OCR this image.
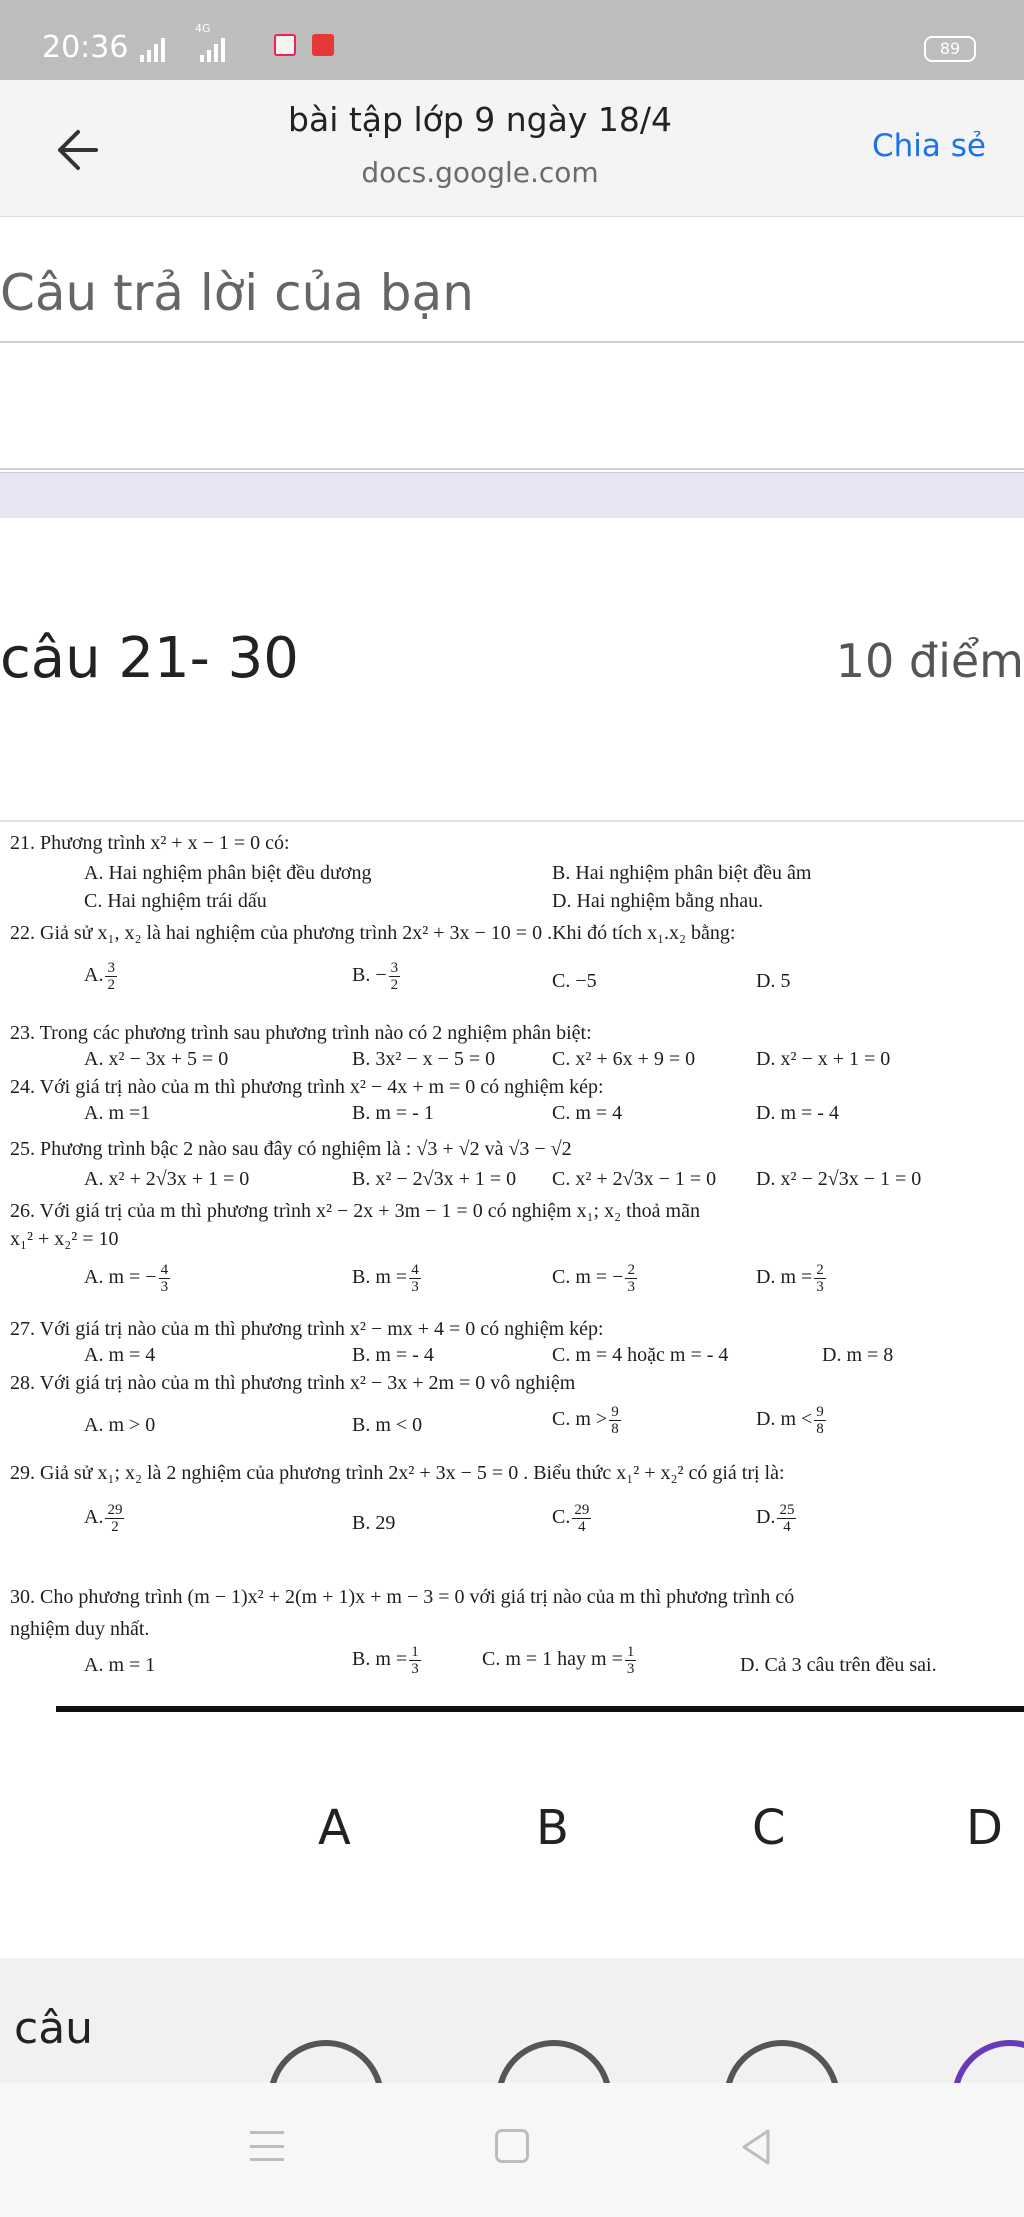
20:36
4G
89
bài tập lớp 9 ngày 18/4
docs.google.com
Chia sẻ
Câu trả lời của bạn
câu 21- 30	10 điểm
21. Phương trình x² + x − 1 = 0 có:
A. Hai nghiệm phân biệt đều dương	B. Hai nghiệm phân biệt đều âm
C. Hai nghiệm trái dấu	D. Hai nghiệm bằng nhau.
22. Giả sử x₁, x₂ là hai nghiệm của phương trình 2x² + 3x − 10 = 0 .Khi đó tích x₁.x₂ bằng:
A. $\frac{3}{2}$	B. − $\frac{3}{2}$	C. −5	D. 5
23. Trong các phương trình sau phương trình nào có 2 nghiệm phân biệt:
A. x² − 3x + 5 = 0	B. 3x² − x − 5 = 0	C. x² + 6x + 9 = 0	D. x² − x + 1 = 0
24. Với giá trị nào của m thì phương trình x² − 4x + m = 0 có nghiệm kép:
A. m =1	B. m = - 1	C. m = 4	D. m = - 4
25. Phương trình bậc 2 nào sau đây có nghiệm là : √3 + √2 và √3 − √2
A. x² + 2√3x + 1 = 0	B. x² − 2√3x + 1 = 0 C. x² + 2√3x − 1 = 0 D. x² − 2√3x − 1 = 0
26. Với giá trị của m thì phương trình x² − 2x + 3m − 1 = 0 có nghiệm x₁; x₂ thoả mãn
x₁² + x₂² = 10
A. m = − $\frac{4}{3}$	B. $m = \frac{4}{3}$	C. m = − $\frac{2}{3}$	D. $m = \frac{2}{3}$
27. Với giá trị nào của m thì phương trình x² − mx + 4 = 0 có nghiệm kép:
A. m = 4	B. m = - 4	C. m = 4 hoặc m = - 4	D. m = 8
28. Với giá trị nào của m thì phương trình x² − 3x + 2m = 0 vô nghiệm
A. m > 0	B. m < 0	C. $m > \frac{9}{8}$	D. $m < \frac{9}{8}$
29. Giả sử x₁; x₂ là 2 nghiệm của phương trình 2x² + 3x − 5 = 0 . Biểu thức x₁² + x₂² có giá trị là:
A. $\frac{29}{2}$	B. 29	C. $\frac{29}{4}$	D. $\frac{25}{4}$
30. Cho phương trình (m − 1)x² + 2(m + 1)x + m − 3 = 0 với giá trị nào của m thì phương trình có
nghiệm duy nhất.
A. m = 1	B. $m = \frac{1}{3}$	C. m = 1 hay $m = \frac{1}{3}$	D. Cả 3 câu trên đều sai.
A	B	C	D
câu
